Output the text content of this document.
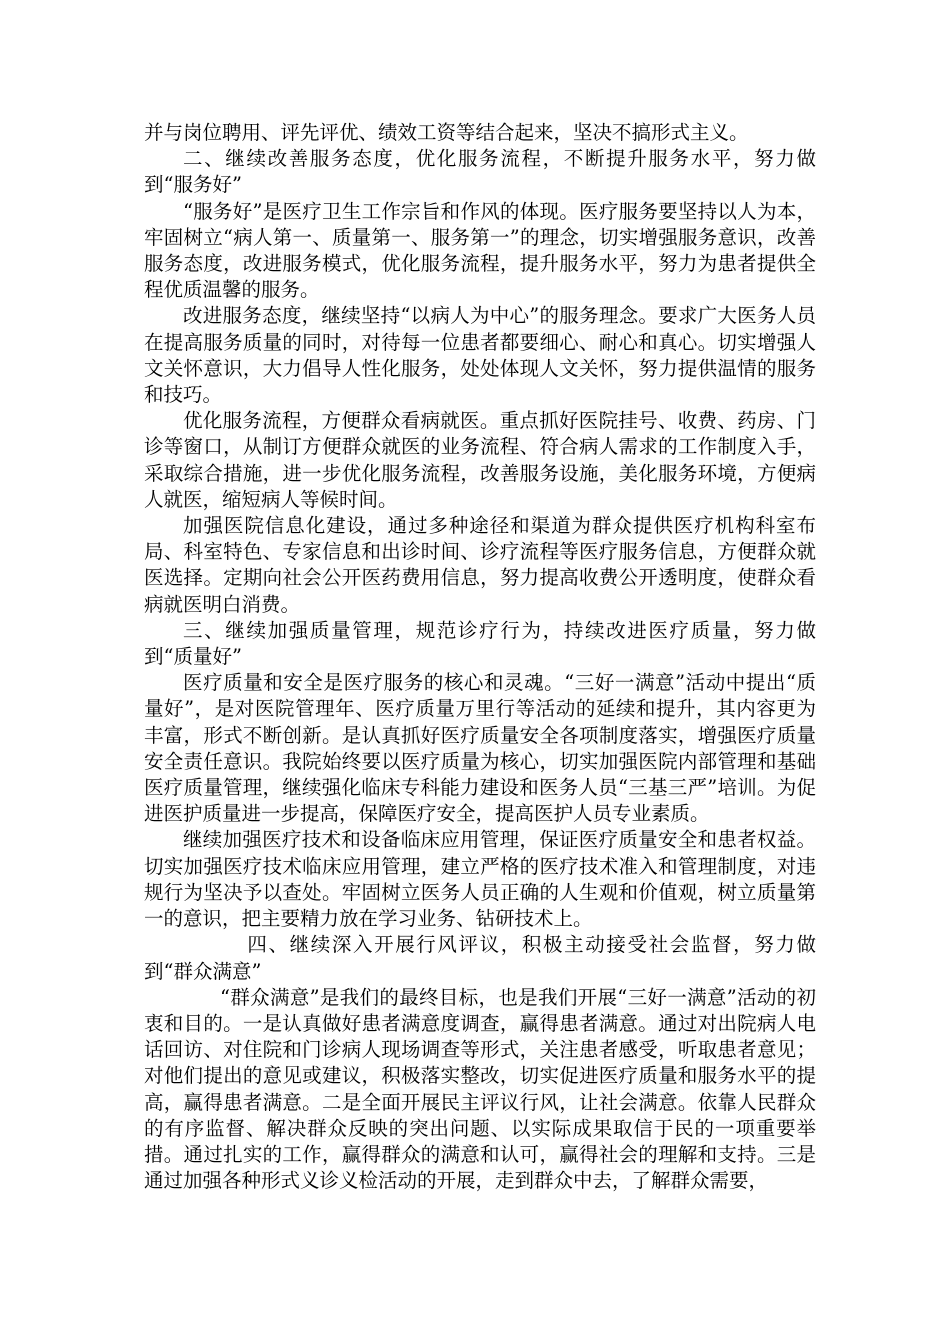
并与岗位聘用、评先评优、绩效工资等结合起来，坚决不搞形式主义。

二、继续改善服务态度，优化服务流程，不断提升服务水平，努力做到“服务好”

“服务好”是医疗卫生工作宗旨和作风的体现。医疗服务要坚持以人为本，牢固树立“病人第一、质量第一、服务第一”的理念，切实增强服务意识，改善服务态度，改进服务模式，优化服务流程，提升服务水平，努力为患者提供全程优质温馨的服务。

改进服务态度，继续坚持“以病人为中心”的服务理念。要求广大医务人员在提高服务质量的同时，对待每一位患者都要细心、耐心和真心。切实增强人文关怀意识，大力倡导人性化服务，处处体现人文关怀，努力提供温情的服务和技巧。

优化服务流程，方便群众看病就医。重点抓好医院挂号、收费、药房、门诊等窗口，从制订方便群众就医的业务流程、符合病人需求的工作制度入手，采取综合措施，进一步优化服务流程，改善服务设施，美化服务环境，方便病人就医，缩短病人等候时间。

加强医院信息化建设，通过多种途径和渠道为群众提供医疗机构科室布局、科室特色、专家信息和出诊时间、诊疗流程等医疗服务信息，方便群众就医选择。定期向社会公开医药费用信息，努力提高收费公开透明度，使群众看病就医明白消费。

三、继续加强质量管理，规范诊疗行为，持续改进医疗质量，努力做到“质量好”

医疗质量和安全是医疗服务的核心和灵魂。“三好一满意”活动中提出“质量好”，是对医院管理年、医疗质量万里行等活动的延续和提升，其内容更为丰富，形式不断创新。是认真抓好医疗质量安全各项制度落实，增强医疗质量安全责任意识。我院始终要以医疗质量为核心，切实加强医院内部管理和基础医疗质量管理，继续强化临床专科能力建设和医务人员“三基三严”培训。为促进医护质量进一步提高，保障医疗安全，提高医护人员专业素质。

继续加强医疗技术和设备临床应用管理，保证医疗质量安全和患者权益。切实加强医疗技术临床应用管理，建立严格的医疗技术准入和管理制度，对违规行为坚决予以查处。牢固树立医务人员正确的人生观和价值观，树立质量第一的意识，把主要精力放在学习业务、钻研技术上。

四、继续深入开展行风评议，积极主动接受社会监督，努力做到“群众满意”

“群众满意”是我们的最终目标，也是我们开展“三好一满意”活动的初衷和目的。一是认真做好患者满意度调查，赢得患者满意。通过对出院病人电话回访、对住院和门诊病人现场调查等形式，关注患者感受，听取患者意见；对他们提出的意见或建议，积极落实整改，切实促进医疗质量和服务水平的提高，赢得患者满意。二是全面开展民主评议行风，让社会满意。依靠人民群众的有序监督、解决群众反映的突出问题、以实际成果取信于民的一项重要举措。通过扎实的工作，赢得群众的满意和认可，赢得社会的理解和支持。三是通过加强各种形式义诊义检活动的开展，走到群众中去，了解群众需要，
